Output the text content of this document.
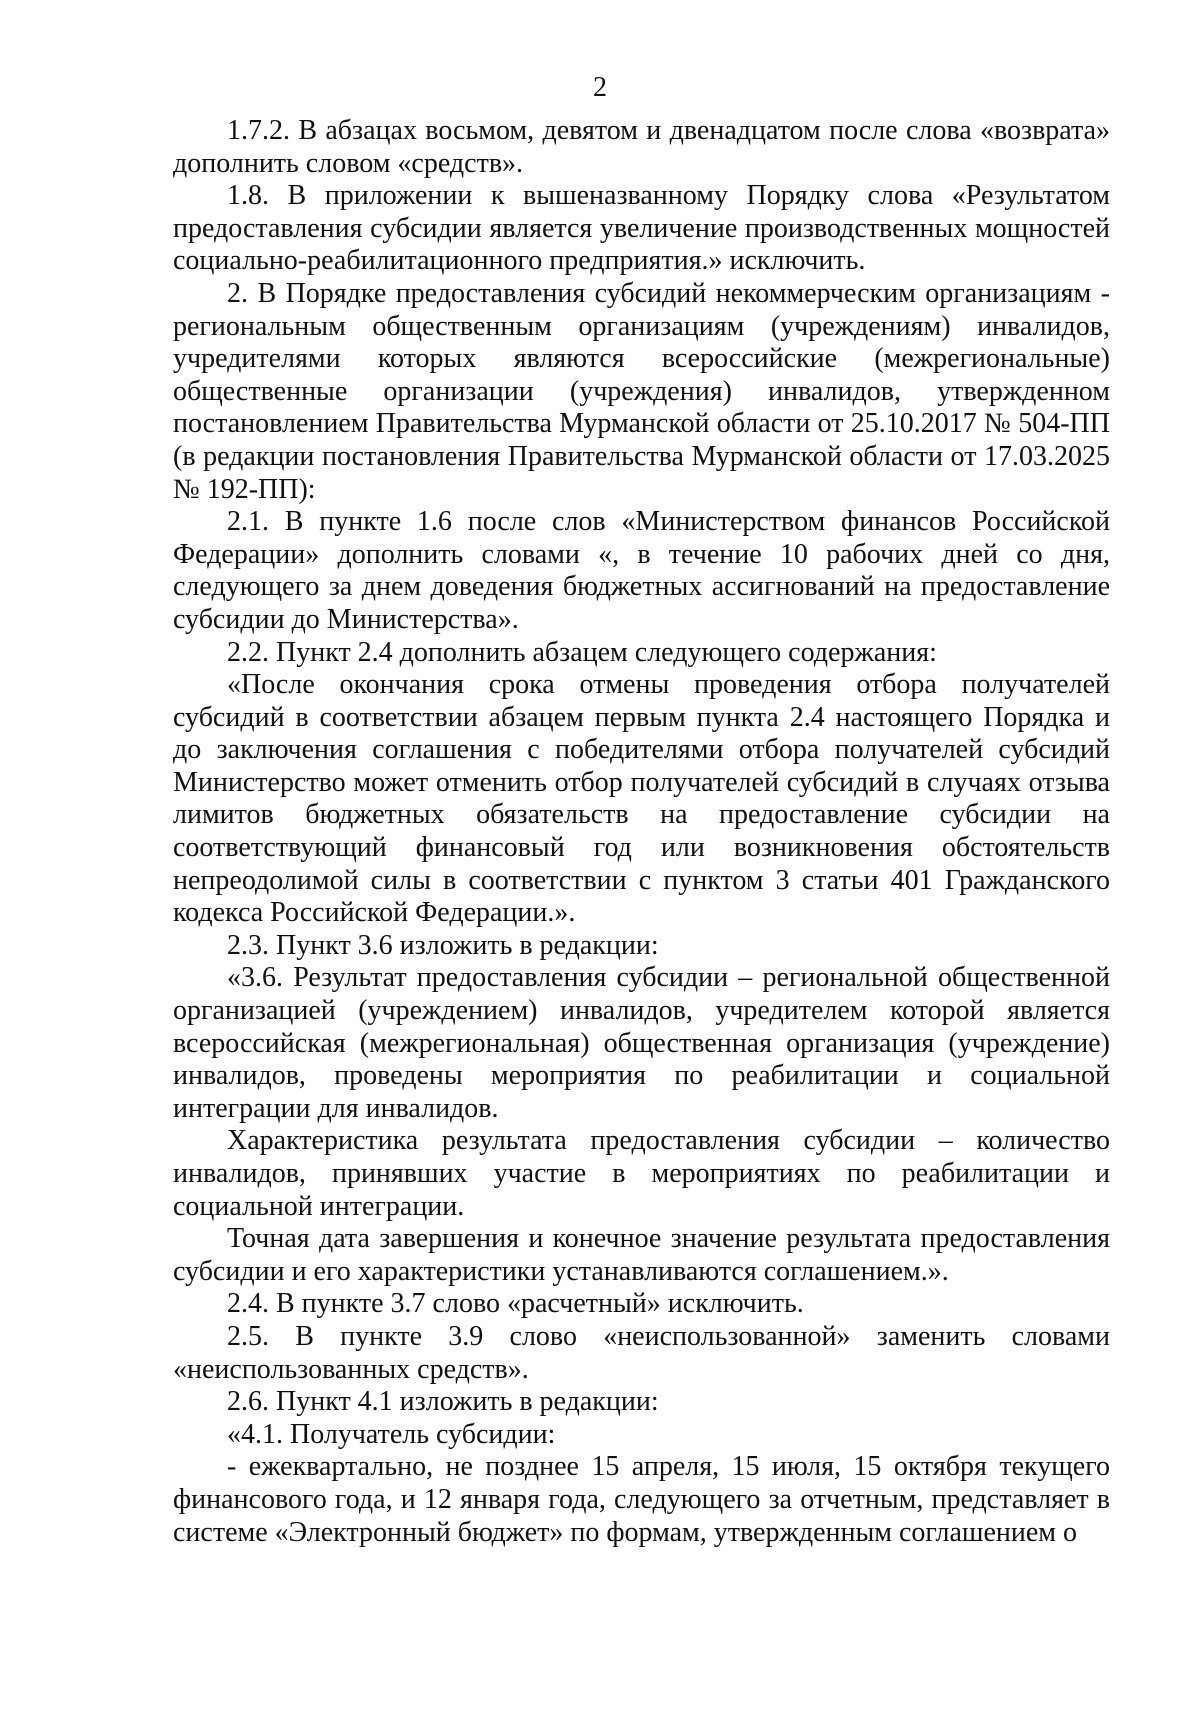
2

1.7.2. В абзацах восьмом, девятом и двенадцатом после слова «возврата» дополнить словом «средств».

1.8. В приложении к вышеназванному Порядку слова «Результатом предоставления субсидии является увеличение производственных мощностей социально-реабилитационного предприятия.» исключить.

2. В Порядке предоставления субсидий некоммерческим организациям - региональным общественным организациям (учреждениям) инвалидов, учредителями которых являются всероссийские (межрегиональные) общественные организации (учреждения) инвалидов, утвержденном постановлением Правительства Мурманской области от 25.10.2017 № 504-ПП (в редакции постановления Правительства Мурманской области от 17.03.2025 № 192-ПП):

2.1. В пункте 1.6 после слов «Министерством финансов Российской Федерации» дополнить словами «, в течение 10 рабочих дней со дня, следующего за днем доведения бюджетных ассигнований на предоставление субсидии до Министерства».

2.2. Пункт 2.4 дополнить абзацем следующего содержания:

«После окончания срока отмены проведения отбора получателей субсидий в соответствии абзацем первым пункта 2.4 настоящего Порядка и до заключения соглашения с победителями отбора получателей субсидий Министерство может отменить отбор получателей субсидий в случаях отзыва лимитов бюджетных обязательств на предоставление субсидии на соответствующий финансовый год или возникновения обстоятельств непреодолимой силы в соответствии с пунктом 3 статьи 401 Гражданского кодекса Российской Федерации.».

2.3. Пункт 3.6 изложить в редакции:

«3.6. Результат предоставления субсидии – региональной общественной организацией (учреждением) инвалидов, учредителем которой является всероссийская (межрегиональная) общественная организация (учреждение) инвалидов, проведены мероприятия по реабилитации и социальной интеграции для инвалидов.

Характеристика результата предоставления субсидии – количество инвалидов, принявших участие в мероприятиях по реабилитации и социальной интеграции.

Точная дата завершения и конечное значение результата предоставления субсидии и его характеристики устанавливаются соглашением.».

2.4. В пункте 3.7 слово «расчетный» исключить.

2.5. В пункте 3.9 слово «неиспользованной» заменить словами «неиспользованных средств».

2.6. Пункт 4.1 изложить в редакции:

«4.1. Получатель субсидии:

- ежеквартально, не позднее 15 апреля, 15 июля, 15 октября текущего финансового года, и 12 января года, следующего за отчетным, представляет в системе «Электронный бюджет» по формам, утвержденным соглашением о
